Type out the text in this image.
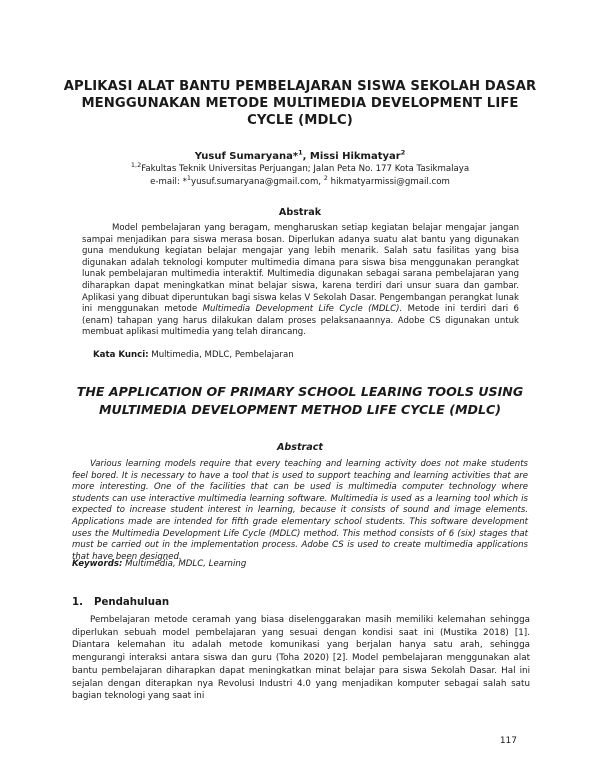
APLIKASI ALAT BANTU PEMBELAJARAN SISWA SEKOLAH DASAR MENGGUNAKAN METODE MULTIMEDIA DEVELOPMENT LIFE CYCLE (MDLC)
Yusuf Sumaryana*$^1$, Missi Hikmatyar$^2$
$^{1,2}$Fakultas Teknik Universitas Perjuangan; Jalan Peta No. 177 Kota Tasikmalaya
e-mail: *$^1$yusuf.sumaryana@gmail.com, $^2$ hikmatyarmissi@gmail.com
Abstrak
Model pembelajaran yang beragam, mengharuskan setiap kegiatan belajar mengajar jangan sampai menjadikan para siswa merasa bosan. Diperlukan adanya suatu alat bantu yang digunakan guna mendukung kegiatan belajar mengajar yang lebih menarik. Salah satu fasilitas yang bisa digunakan adalah teknologi komputer multimedia dimana para siswa bisa menggunakan perangkat lunak pembelajaran multimedia interaktif. Multimedia digunakan sebagai sarana pembelajaran yang diharapkan dapat meningkatkan minat belajar siswa, karena terdiri dari unsur suara dan gambar. Aplikasi yang dibuat diperuntukan bagi siswa kelas V Sekolah Dasar. Pengembangan perangkat lunak ini menggunakan metode Multimedia Development Life Cycle (MDLC). Metode ini terdiri dari 6 (enam) tahapan yang harus dilakukan dalam proses pelaksanaannya. Adobe CS digunakan untuk membuat aplikasi multimedia yang telah dirancang.
Kata Kunci: Multimedia, MDLC, Pembelajaran
THE APPLICATION OF PRIMARY SCHOOL LEARING TOOLS USING MULTIMEDIA DEVELOPMENT METHOD LIFE CYCLE (MDLC)
Abstract
Various learning models require that every teaching and learning activity does not make students feel bored. It is necessary to have a tool that is used to support teaching and learning activities that are more interesting. One of the facilities that can be used is multimedia computer technology where students can use interactive multimedia learning software. Multimedia is used as a learning tool which is expected to increase student interest in learning, because it consists of sound and image elements. Applications made are intended for fifth grade elementary school students. This software development uses the Multimedia Development Life Cycle (MDLC) method. This method consists of 6 (six) stages that must be carried out in the implementation process. Adobe CS is used to create multimedia applications that have been designed.
Keywords: Multimedia, MDLC, Learning
1. Pendahuluan
Pembelajaran metode ceramah yang biasa diselenggarakan masih memiliki kelemahan sehingga diperlukan sebuah model pembelajaran yang sesuai dengan kondisi saat ini (Mustika 2018) [1]. Diantara kelemahan itu adalah metode komunikasi yang berjalan hanya satu arah, sehingga mengurangi interaksi antara siswa dan guru (Toha 2020) [2]. Model pembelajaran menggunakan alat bantu pembelajaran diharapkan dapat meningkatkan minat belajar para siswa Sekolah Dasar. Hal ini sejalan dengan diterapkan nya Revolusi Industri 4.0 yang menjadikan komputer sebagai salah satu bagian teknologi yang saat ini
117
